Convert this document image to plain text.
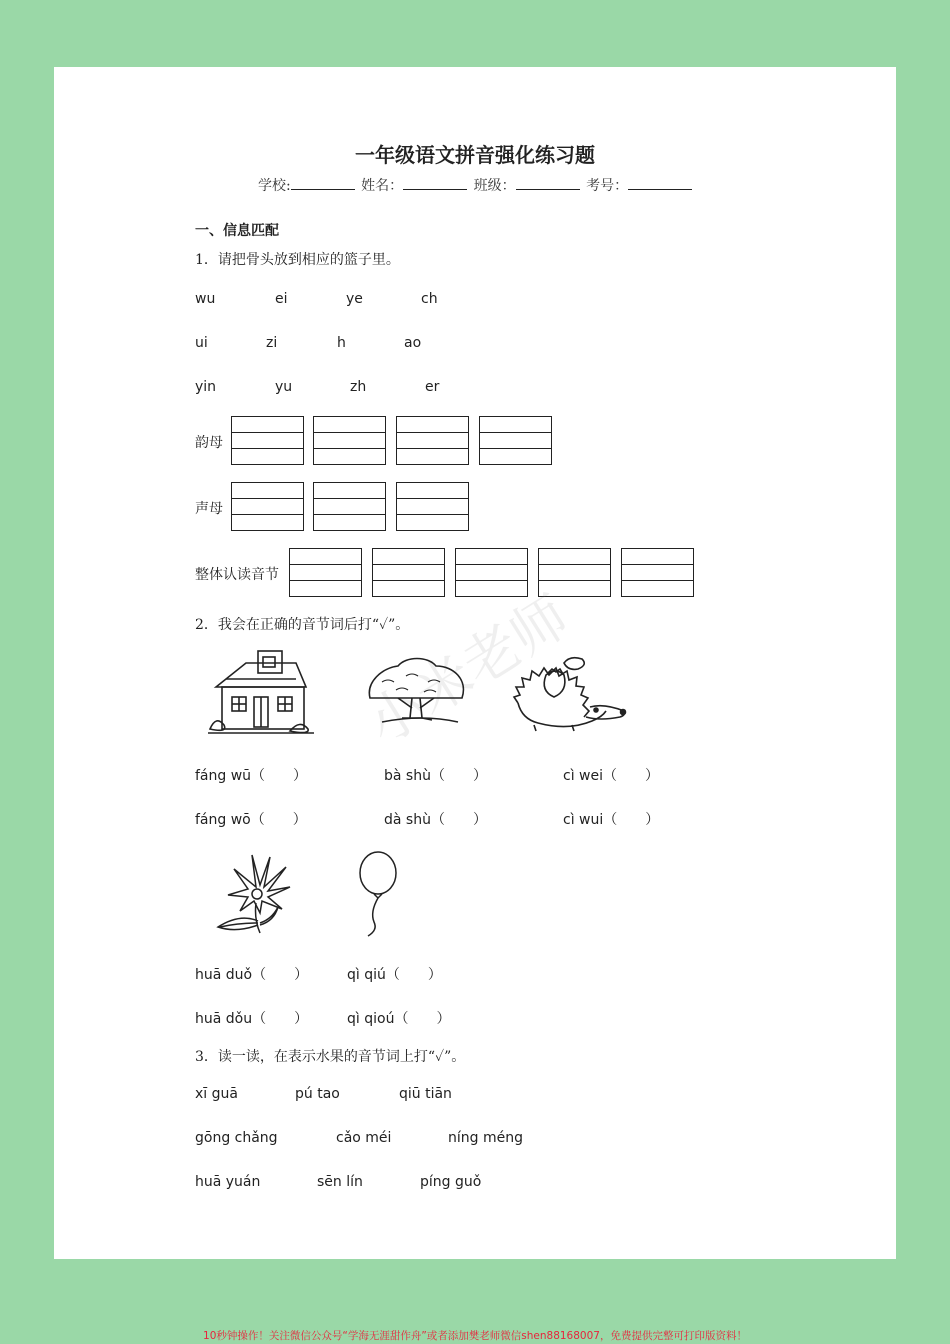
一年级语文拼音强化练习题
学校:	姓名：	班级：	考号：
一、信息匹配
1．请把骨头放到相应的篮子里。
wu	ei	ye	ch
ui	zi	h	ao
yin	yu	zh	er
韵母
声母
整体认读音节
2．我会在正确的音节词后打“✓”。
小米老师
fáng wū（　　）	bà shù（　　）	cì wei（　　）
fáng wō（　　）	dà shù（　　）	cì wui（　　）
huā duǒ（　　）	qì qiú（　　）
huā dǒu（　　）	qì qioú（　　）
3．读一读，在表示水果的音节词上打“✓”。
xī guā	pú tao	qiū tiān
gōng chǎng	cǎo méi	níng méng
huā yuán	sēn lín	píng guǒ
10秒钟操作！关注微信公众号“学海无涯甜作舟”或者添加樊老师微信shen88168007，免费提供完整可打印版资料！
